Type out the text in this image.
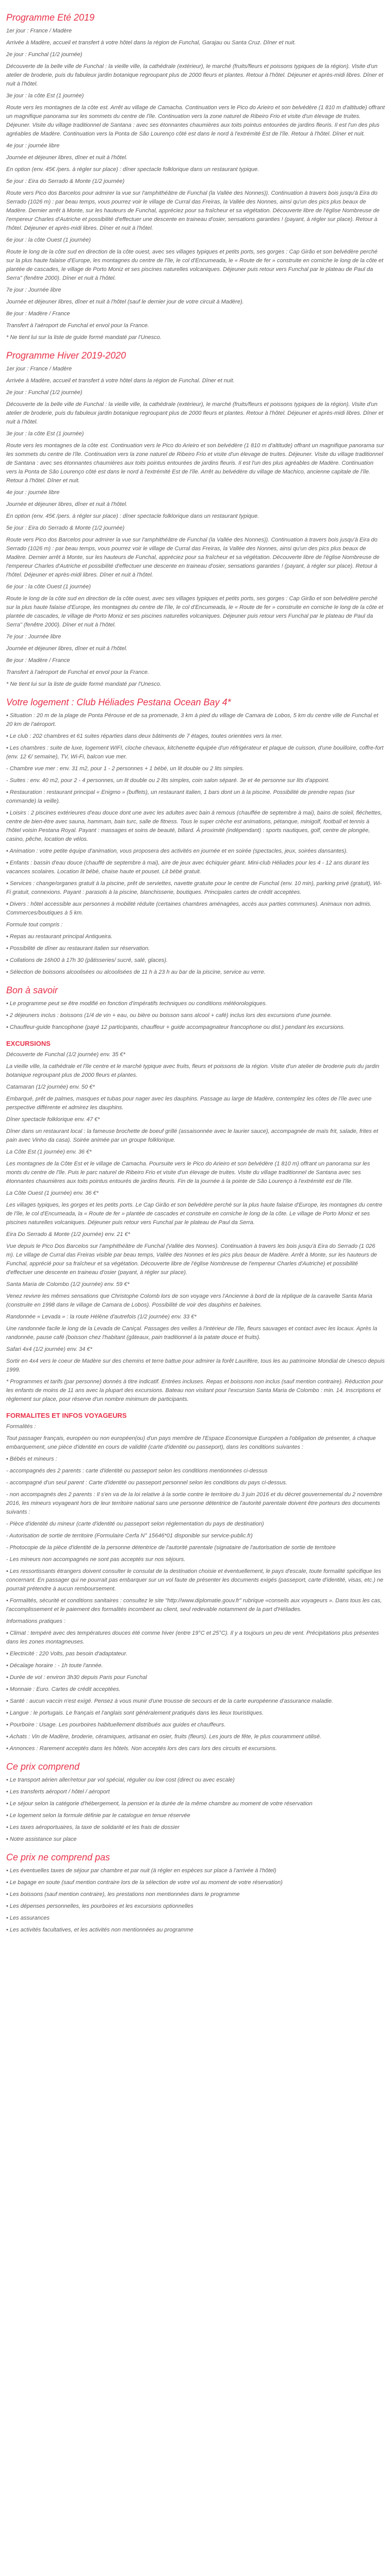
Programme Eté 2019

1er jour : France / Madère

Arrivée à Madère, accueil et transfert à votre hôtel dans la région de Funchal, Garajau ou Santa Cruz. Dîner et nuit.

2e jour : Funchal (1/2 journée)

Découverte de la belle ville de Funchal : la vieille ville, la cathédrale (extérieur), le marché (fruits/fleurs et poissons typiques de la région). Visite d'un atelier de broderie, puis du fabuleux jardin botanique regroupant plus de 2000 fleurs et plantes. Retour à l'hôtel. Déjeuner et après-midi libres. Dîner et nuit à l'hôtel.

3e jour : la côte Est (1 journée)

Route vers les montagnes de la côte est. Arrêt au village de Camacha. Continuation vers le Pico do Arieiro et son belvédère (1 810 m d'altitude) offrant un magnifique panorama sur les sommets du centre de l'île. Continuation vers la zone naturel de Ribeiro Frio et visite d'un élevage de truites. Déjeuner. Visite du village traditionnel de Santana : avec ses étonnantes chaumières aux toits pointus entourées de jardins fleuris. Il est l'un des plus agréables de Madère. Continuation vers la Ponta de São Lourenço côté est dans le nord à l'extrémité Est de l'île. Retour à l'hôtel. Dîner et nuit.

4e jour : journée libre

Journée et déjeuner libres, dîner et nuit à l'hôtel.

En option (env. 45€ /pers. à régler sur place) : dîner spectacle folklorique dans un restaurant typique.

5e jour : Eira do Serrado & Monte (1/2 journée)

Route vers Pico dos Barcelos pour admirer la vue sur l'amphithéâtre de Funchal (la Vallée des Nonnes)). Continuation à travers bois jusqu'à Eira do Serrado (1026 m) : par beau temps, vous pourrez voir le village de Curral das Freiras, la Vallée des Nonnes, ainsi qu'un des pics plus beaux de Madère. Dernier arrêt à Monte, sur les hauteurs de Funchal, appréciez pour sa fraîcheur et sa végétation. Découverte libre de l'église Nombreuse de l'empereur Charles d'Autriche et possibilité d'effectuer une descente en traineau d'osier, sensations garanties ! (payant, à régler sur place). Retour à l'hôtel. Déjeuner et après-midi libres. Dîner et nuit à l'hôtel.

6e jour : la côte Ouest (1 journée)

Route le long de la côte sud en direction de la côte ouest, avec ses villages typiques et petits ports, ses gorges : Cap Girão et son belvédère perché sur la plus haute falaise d'Europe, les montagnes du centre de l'île, le col d'Encumeada, le « Route de fer » construite en corniche le long de la côte et plantée de cascades, le village de Porto Moniz et ses piscines naturelles volcaniques. Déjeuner puis retour vers Funchal par le plateau de Paul da Serra" (fenêtre 2000). Dîner et nuit à l'hôtel.

7e jour : Journée libre

Journée et déjeuner libres, dîner et nuit à l'hôtel (sauf le dernier jour de votre circuit à Madère).

8e jour : Madère / France

Transfert à l'aéroport de Funchal et envol pour la France.

* Ne tient lui sur la liste de guide formé mandaté par l'Unesco.
Programme Hiver 2019-2020

1er jour : France / Madère

Arrivée à Madère, accueil et transfert à votre hôtel dans la région de Funchal. Dîner et nuit.

2e jour : Funchal (1/2 journée)

Découverte de la belle ville de Funchal : la vieille ville, la cathédrale (extérieur), le marché (fruits/fleurs et poissons typiques de la région). Visite d'un atelier de broderie, puis du fabuleux jardin botanique regroupant plus de 2000 fleurs et plantes. Retour à l'hôtel. Déjeuner et après-midi libres. Dîner et nuit à l'hôtel.

3e jour : la côte Est (1 journée)

Route vers les montagnes de la côte est. Continuation vers le Pico do Arieiro et son belvédère (1 810 m d'altitude) offrant un magnifique panorama sur les sommets du centre de l'île. Continuation vers la zone naturel de Ribeiro Frio et visite d'un élevage de truites. Déjeuner. Visite du village traditionnel de Santana : avec ses étonnantes chaumières aux toits pointus entourées de jardins fleuris. Il est l'un des plus agréables de Madère. Continuation vers la Ponta de São Lourenço côté est dans le nord à l'extrémité Est de l'île. Arrêt au belvédère du village de Machico, ancienne capitale de l'île. Retour à l'hôtel. Dîner et nuit.

4e jour : journée libre

Journée et déjeuner libres, dîner et nuit à l'hôtel.

En option (env. 45€ /pers. à régler sur place) : dîner spectacle folklorique dans un restaurant typique.

5e jour : Eira do Serrado & Monte (1/2 journée)

Route vers Pico dos Barcelos pour admirer la vue sur l'amphithéâtre de Funchal (la Vallée des Nonnes)). Continuation à travers bois jusqu'à Eira do Serrado (1026 m) : par beau temps, vous pourrez voir le village de Curral das Freiras, la Vallée des Nonnes, ainsi qu'un des pics plus beaux de Madère. Dernier arrêt à Monte, sur les hauteurs de Funchal, appréciez pour sa fraîcheur et sa végétation. Découverte libre de l'église Nombreuse de l'empereur Charles d'Autriche et possibilité d'effectuer une descente en traineau d'osier, sensations garanties ! (payant, à régler sur place). Retour à l'hôtel. Déjeuner et après-midi libres. Dîner et nuit à l'hôtel.

6e jour : la côte Ouest (1 journée)

Route le long de la côte sud en direction de la côte ouest, avec ses villages typiques et petits ports, ses gorges : Cap Girão et son belvédère perché sur la plus haute falaise d'Europe, les montagnes du centre de l'île, le col d'Encumeada, le « Route de fer » construite en corniche le long de la côte et plantée de cascades, le village de Porto Moniz et ses piscines naturelles volcaniques. Déjeuner puis retour vers Funchal par le plateau de Paul da Serra" (fenêtre 2000). Dîner et nuit à l'hôtel.

7e jour : Journée libre

Journée et déjeuner libres, dîner et nuit à l'hôtel.

8e jour : Madère / France

Transfert à l'aéroport de Funchal et envol pour la France.

* Ne tient lui sur la liste de guide formé mandaté par l'Unesco.
Votre logement : Club Héliades Pestana Ocean Bay 4*

• Situation : 20 m de la plage de Ponta Pérouse et de sa promenade, 3 km à pied du village de Camara de Lobos, 5 km du centre ville de Funchal et 20 km de l'aéroport.

• Le club : 202 chambres et 61 suites réparties dans deux bâtiments de 7 étages, toutes orientées vers la mer.

• Les chambres : suite de luxe, logement WIFI, cloche chevaux, kitchenette équipée d'un réfrigérateur et plaque de cuisson, d'une bouilloire, coffre-fort (env. 12 €/ semaine), TV, Wi-Fi, balcon vue mer.

- Chambre vue mer : env. 31 m2, pour 1 - 2 personnes + 1 bébé, un lit double ou 2 lits simples.

- Suites : env. 40 m2, pour 2 - 4 personnes, un lit double ou 2 lits simples, coin salon séparé. 3e et 4e personne sur lits d'appoint.

• Restauration : restaurant principal « Enigmo » (buffets), un restaurant italien, 1 bars dont un à la piscine. Possibilité de prendre repas (sur commande) la veille).

• Loisirs : 2 piscines extérieures d'eau douce dont une avec les adultes avec bain à remous (chauffée de septembre à mai), bains de soleil, fléchettes, centre de bien-être avec sauna, hammam, bain turc, salle de fitness. Tous le super crèche est animations, pétanque, minigolf, football et tennis à l'hôtel voisin Pestana Royal. Payant : massages et soins de beauté, billard. À proximité (indépendant) : sports nautiques, golf, centre de plongée, casino, pêche, location de vélos.

• Animation : votre petite équipe d'animation, vous proposera des activités en journée et en soirée (spectacles, jeux, soirées dansantes).

• Enfants : bassin d'eau douce (chauffé de septembre à mai), aire de jeux avec échiquier géant. Mini-club Héliades pour les 4 - 12 ans durant les vacances scolaires. Location lit bébé, chaise haute et pouset. Lit bébé gratuit.

• Services : change/organes gratuit à la piscine, prêt de serviettes, navette gratuite pour le centre de Funchal (env. 10 min), parking privé (gratuit), Wi-Fi gratuit, connexions. Payant : parasols à la piscine, blanchisserie, boutiques. Principales cartes de crédit acceptées.

• Divers : hôtel accessible aux personnes à mobilité réduite (certaines chambres aménagées, accès aux parties communes). Animaux non admis. Commerces/boutiques à 5 km.

Formule tout compris :

• Repas au restaurant principal Antiqueira.

• Possibilité de dîner au restaurant italien sur réservation.

• Collations de 16h00 à 17h 30 (pâtisseries/ sucré, salé, glaces).

• Sélection de boissons alcoolisées ou alcoolisées de 11 h à 23 h au bar de la piscine, service au verre.

Bon à savoir

• Le programme peut se être modifié en fonction d'impératifs techniques ou conditions météorologiques.

• 2 déjeuners inclus : boissons (1/4 de vin + eau, ou bière ou boisson sans alcool + café) inclus lors des excursions d'une journée.

• Chauffeur-guide francophone (payé 12 participants, chauffeur + guide accompagnateur francophone ou dist.) pendant les excursions.

EXCURSIONS

Découverte de Funchal (1/2 journée) env. 35 €*

La vieille ville, la cathédrale et l'île centre et le marché typique avec fruits, fleurs et poissons de la région. Visite d'un atelier de broderie puis du jardin botanique regroupant plus de 2000 fleurs et plantes.

Catamaran (1/2 journée) env. 50 €*

Embarqué, prêt de palmes, masques et tubas pour nager avec les dauphins. Passage au large de Madère, contemplez les côtes de l'île avec une perspective différente et admirez les dauphins.

Dîner spectacle folklorique env. 47 €*

Dîner dans un restaurant local : la fameuse brochette de boeuf grillé (assaisonnée avec le laurier sauce), accompagnée de maïs frit, salade, frites et pain avec Vinho da casa). Soirée animée par un groupe folklorique.

La Côte Est (1 journée) env. 36 €*

Les montagnes de la Côte Est et le village de Camacha. Poursuite vers le Pico do Arieiro et son belvédère (1 810 m) offrant un panorama sur les monts du centre de l'île. Puis le parc naturel de Ribeiro Frio et visite d'un élevage de truites. Visite du village traditionnel de Santana avec ses étonnantes chaumières aux toits pointus entourés de jardins fleuris. Fin de la journée à la pointe de São Lourenço à l'extrémité est de l'île.

La Côte Ouest (1 journée) env. 36 €*

Les villages typiques, les gorges et les petits ports. Le Cap Girão et son belvédère perché sur la plus haute falaise d'Europe, les montagnes du centre de l'île, le col d'Encumeada, la « Route de fer » plantée de cascades et construite en corniche le long de la côte. Le village de Porto Moniz et ses piscines naturelles volcaniques. Déjeuner puis retour vers Funchal par le plateau de Paul da Serra.

Eira Do Serrado & Monte (1/2 journée) env. 21 €*

Vue depuis le Pico Dos Barcelos sur l'amphithéâtre de Funchal (Vallée des Nonnes). Continuation à travers les bois jusqu'à Eira do Serrado (1 026 m). Le village de Curral das Freiras visible par beau temps, Vallée des Nonnes et les pics plus beaux de Madère. Arrêt à Monte, sur les hauteurs de Funchal, apprécié pour sa fraîcheur et sa végétation. Découverte libre de l'église Nombreuse de l'empereur Charles d'Autriche) et possibilité d'effectuer une descente en traineau d'osier (payant, à régler sur place).

Santa Maria de Colombo (1/2 journée) env. 59 €*

Venez revivre les mêmes sensations que Christophe Colomb lors de son voyage vers l'Ancienne à bord de la réplique de la caravelle Santa Maria (construite en 1998 dans le village de Camara de Lobos). Possibilité de voir des dauphins et baleines.

Randonnée « Levada » : la route Hélène d'autrefois (1/2 journée) env. 33 €*

Une randonnée facile le long de la Levada de Caniçal. Passages des veilles à l'intérieur de l'île, fleurs sauvages et contact avec les locaux. Après la randonnée, pause café (boisson chez l'habitant (gâteaux, pain traditionnel à la patate douce et fruits).

Safari 4x4 (1/2 journée) env. 34 €*

Sortir en 4x4 vers le coeur de Madère sur des chemins et terre battue pour admirer la forêt Laurifère, tous les au patrimoine Mondial de Unesco depuis 1999.

* Programmes et tarifs (par personne) donnés à titre indicatif. Entrées incluses. Repas et boissons non inclus (sauf mention contraire). Réduction pour les enfants de moins de 11 ans avec la plupart des excursions. Bateau non visitant pour l'excursion Santa Maria de Colombo : min. 14. Inscriptions et règlement sur place, pour réserve d'un nombre minimum de participants.

FORMALITES ET INFOS VOYAGEURS

Formalités :

Tout passager français, européen ou non européen(ou) d'un pays membre de l'Espace Economique Européen a l'obligation de présenter, à chaque embarquement, une pièce d'identité en cours de validité (carte d'identité ou passeport), dans les conditions suivantes :

• Bébés et mineurs :

- accompagnés des 2 parents : carte d'identité ou passeport selon les conditions mentionnées ci-dessus

- accompagné d'un seul parent : Carte d'identité ou passeport personnel selon les conditions du pays ci-dessus.

- non accompagnés des 2 parents : Il s'en va de la loi relative à la sortie contre le territoire du 3 juin 2016 et du décret gouvernemental du 2 novembre 2016, les mineurs voyageant hors de leur territoire national sans une personne détentrice de l'autorité parentale doivent être porteurs des documents suivants :

- Pièce d'identité du mineur (carte d'identité ou passeport selon réglementation du pays de destination)

- Autorisation de sortie de territoire (Formulaire Cerfa N° 15646*01 disponible sur service-public.fr)

- Photocopie de la pièce d'identité de la personne détentrice de l'autorité parentale (signataire de l'autorisation de sortie de territoire

- Les mineurs non accompagnés ne sont pas acceptés sur nos séjours.

• Les ressortissants étrangers doivent consulter le consulat de la destination choisie et éventuellement, le pays d'escale, toute formalité spécifique les concernant. En passager qui ne pourrait pas embarquer sur un vol faute de présenter les documents exigés (passeport, carte d'identité, visas, etc.) ne pourrait prétendre à aucun remboursement.

• Formalités, sécurité et conditions sanitaires : consultez le site "http://www.diplomatie.gouv.fr" rubrique «conseils aux voyageurs ». Dans tous les cas, l'accomplissement et le paiement des formalités incombent au client, seul redevable notamment de la part d'Héliades.

Informations pratiques :

• Climat : tempéré avec des températures douces été comme hiver (entre 19°C et 25°C). Il y a toujours un peu de vent. Précipitations plus présentes dans les zones montagneuses.

• Electricité : 220 Volts, pas besoin d'adaptateur.

• Décalage horaire : - 1h toute l'année.

• Durée de vol : environ 3h30 depuis Paris pour Funchal

• Monnaie : Euro. Cartes de crédit acceptées.

• Santé : aucun vaccin n'est exigé. Pensez à vous munir d'une trousse de secours et de la carte européenne d'assurance maladie.

• Langue : le portugais. Le français et l'anglais sont généralement pratiqués dans les lieux touristiques.

• Pourboire : Usage. Les pourboires habituellement distribués aux guides et chauffeurs.

• Achats : Vin de Madère, broderie, céramiques, artisanat en osier, fruits (fleurs). Les jours de fête, le plus couramment utilisé.

• Annonces : Rarement acceptés dans les hôtels. Non acceptés lors des cars lors des circuits et excursions.

Ce prix comprend

• Le transport aérien aller/retour par vol spécial, régulier ou low cost (direct ou avec escale)

• Les transferts aéroport / hôtel / aéroport

• Le séjour selon la catégorie d'hébergement, la pension et la durée de la même chambre au moment de votre réservation

• Le logement selon la formule définie par le catalogue en tenue réservée

• Les taxes aéroportuaires, la taxe de solidarité et les frais de dossier

• Notre assistance sur place

Ce prix ne comprend pas

• Les éventuelles taxes de séjour par chambre et par nuit (à régler en espèces sur place à l'arrivée à l'hôtel)

• Le bagage en soute (sauf mention contraire lors de la sélection de votre vol au moment de votre réservation)

• Les boissons (sauf mention contraire), les prestations non mentionnées dans le programme

• Les dépenses personnelles, les pourboires et les excursions optionnelles

• Les assurances

• Les activités facultatives, et les activités non mentionnées au programme
